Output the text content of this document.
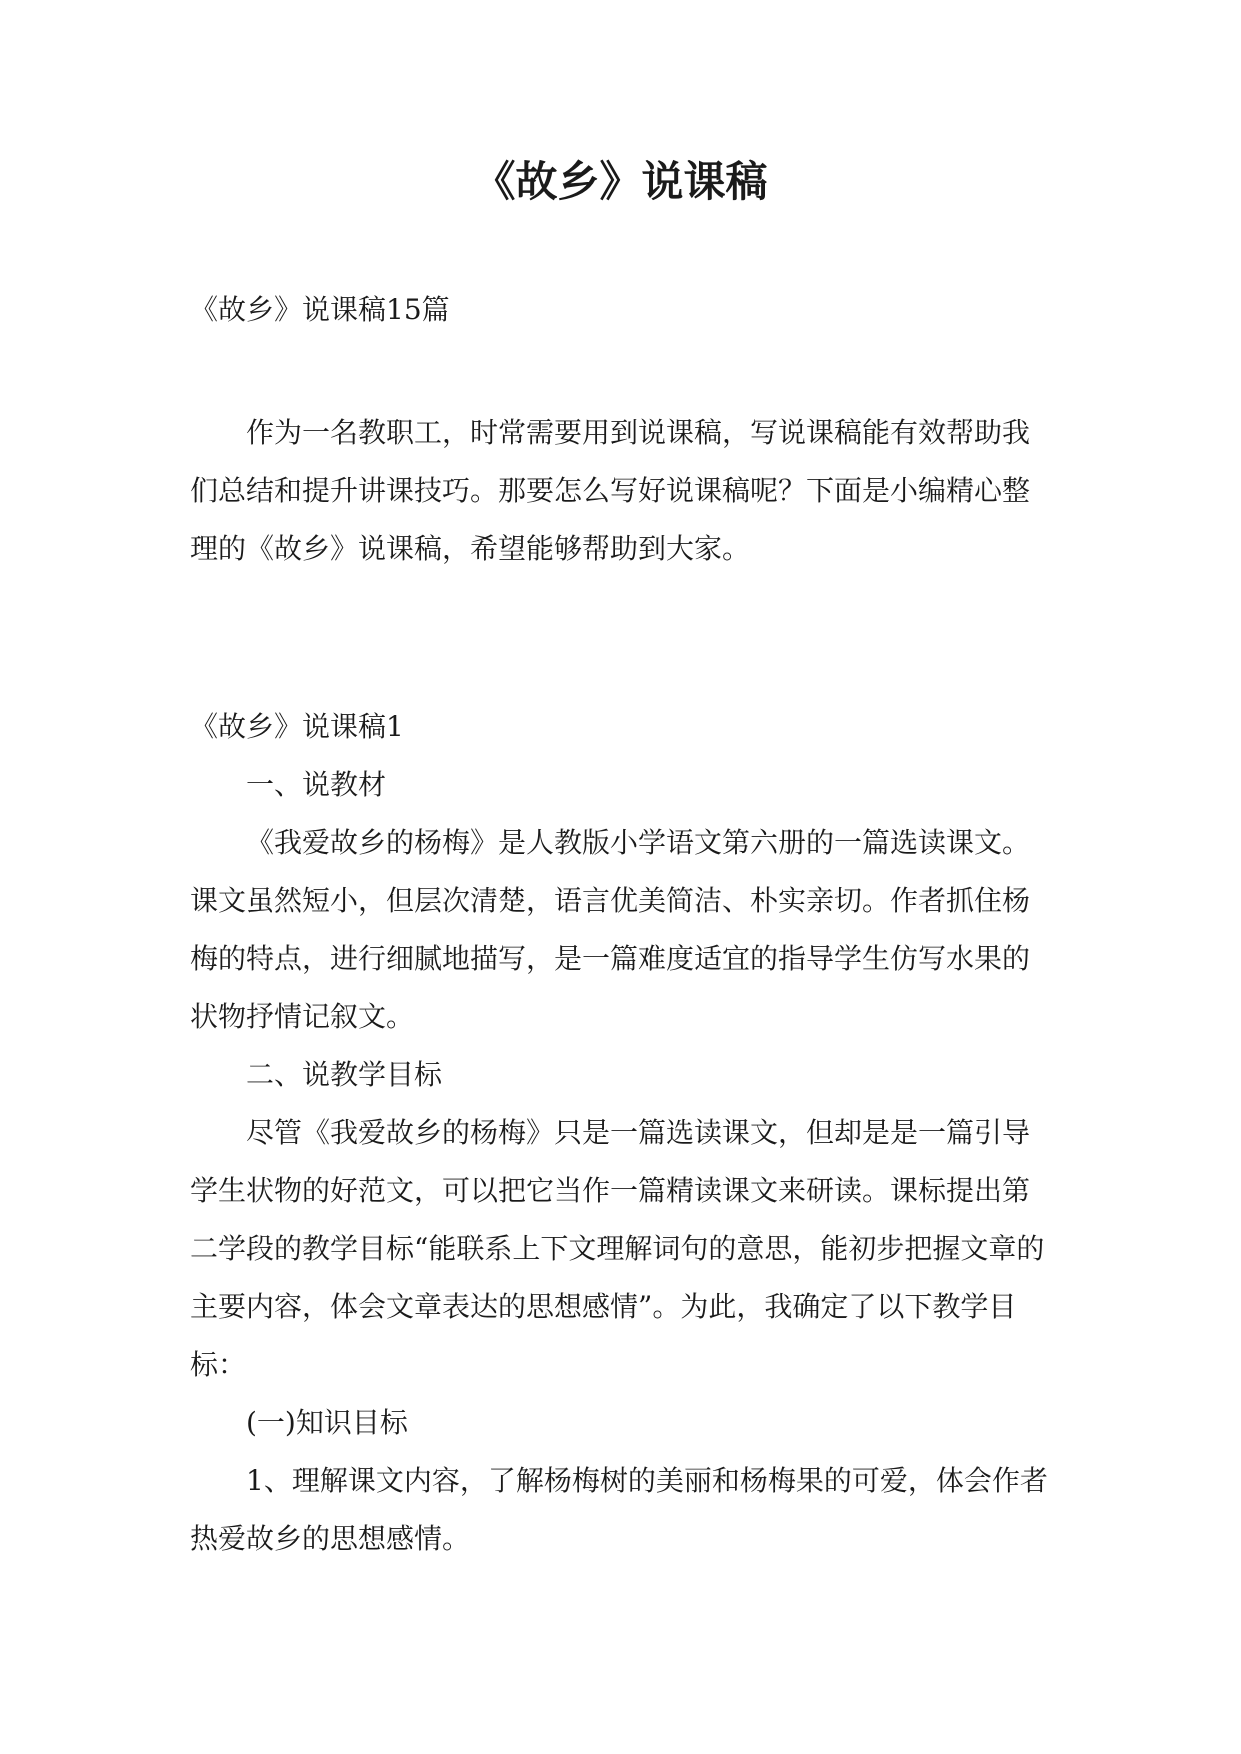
《故乡》说课稿

《故乡》说课稿15篇

作为一名教职工，时常需要用到说课稿，写说课稿能有效帮助我们总结和提升讲课技巧。那要怎么写好说课稿呢？下面是小编精心整理的《故乡》说课稿，希望能够帮助到大家。

《故乡》说课稿1

一、说教材

《我爱故乡的杨梅》是人教版小学语文第六册的一篇选读课文。课文虽然短小，但层次清楚，语言优美简洁、朴实亲切。作者抓住杨梅的特点，进行细腻地描写，是一篇难度适宜的指导学生仿写水果的状物抒情记叙文。

二、说教学目标

尽管《我爱故乡的杨梅》只是一篇选读课文，但却是是一篇引导学生状物的好范文，可以把它当作一篇精读课文来研读。课标提出第二学段的教学目标“能联系上下文理解词句的意思，能初步把握文章的主要内容，体会文章表达的思想感情”。为此，我确定了以下教学目标：

(一)知识目标

1、理解课文内容，了解杨梅树的美丽和杨梅果的可爱，体会作者热爱故乡的思想感情。
